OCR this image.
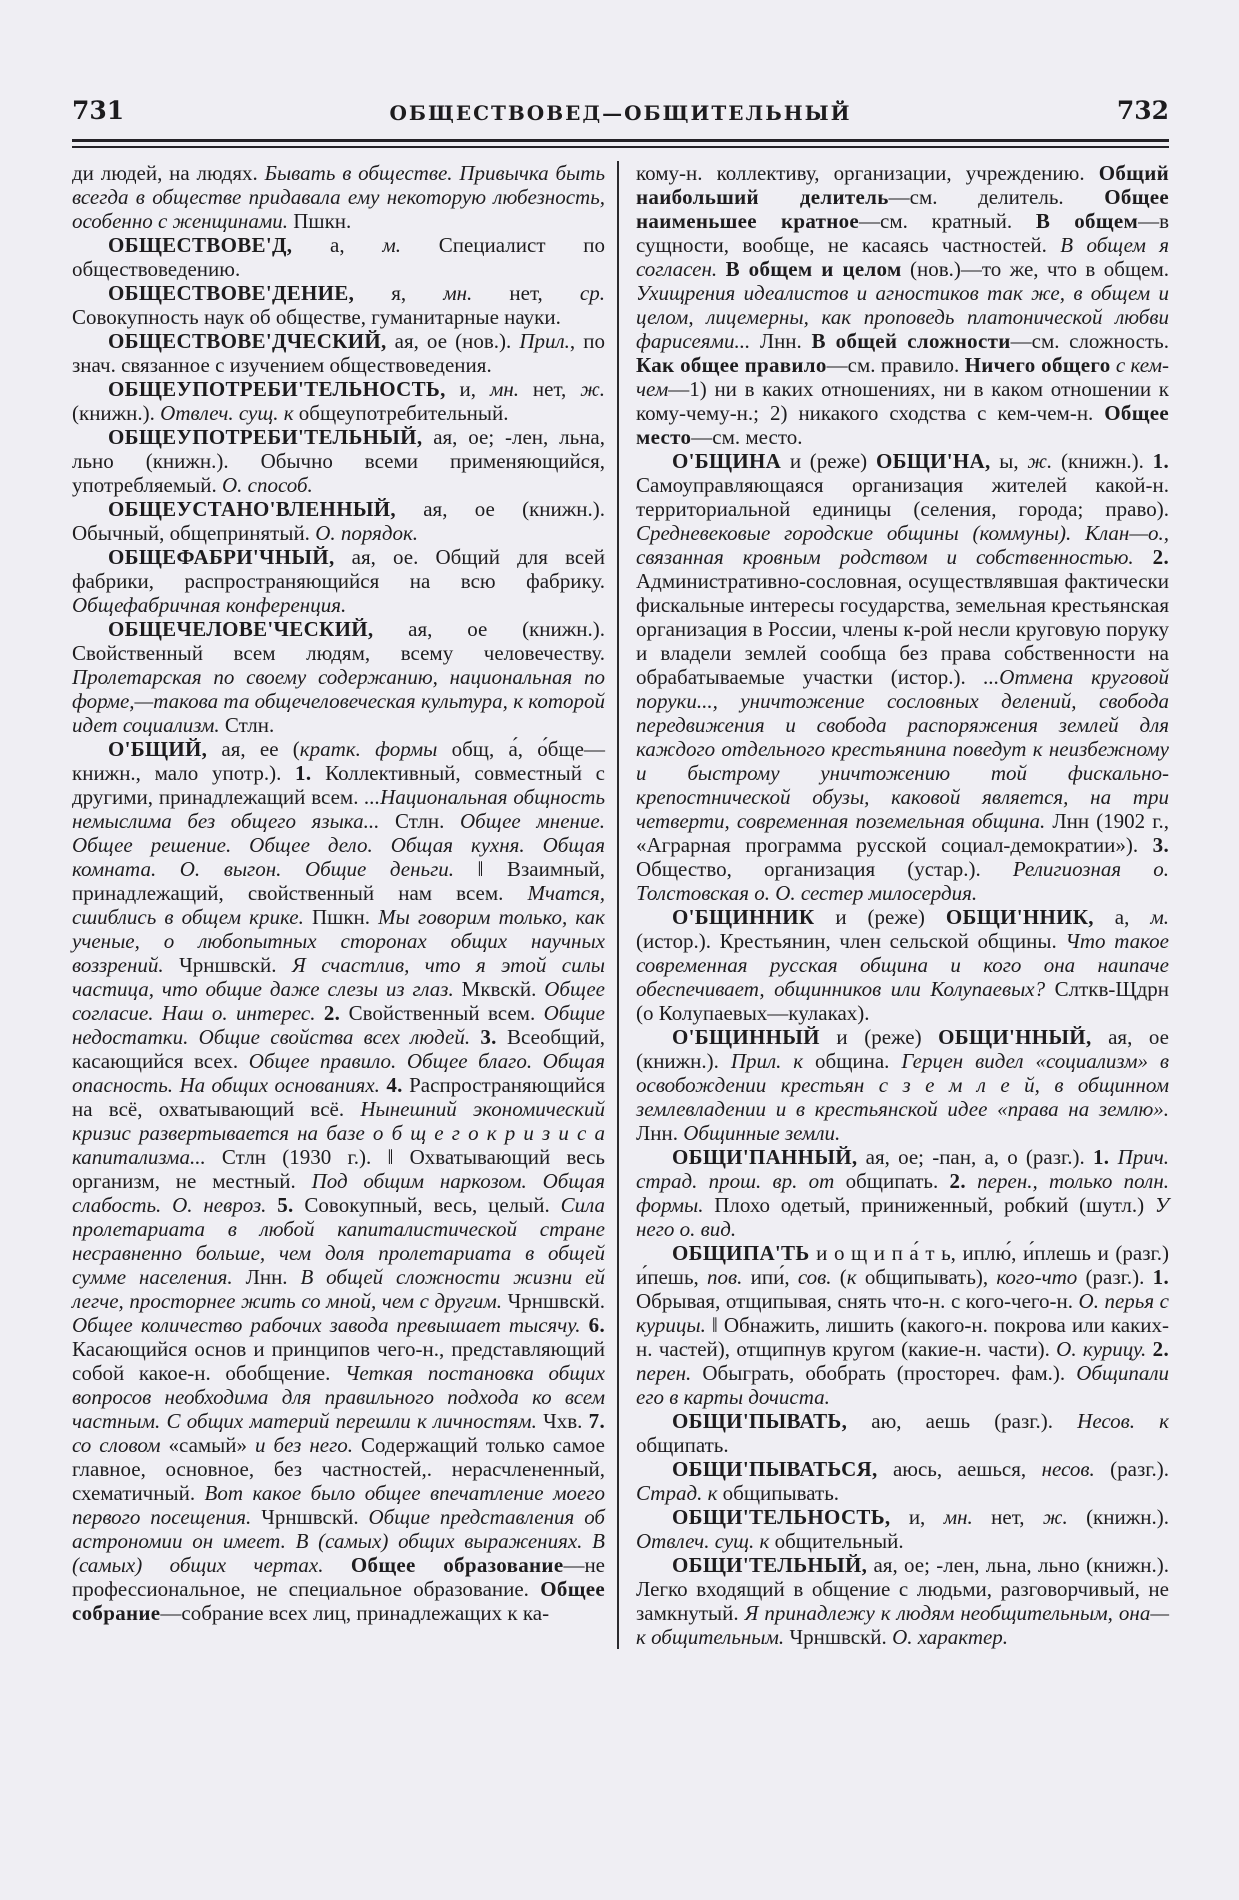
731	ОБЩЕСТВОВЕД—ОБЩИТЕЛЬНЫЙ	732

ди людей, на людях. Бывать в обществе. Привычка быть всегда в обществе придавала ему некоторую любезность, особенно с женщинами. Пшкн.

ОБЩЕСТВОВЕ'Д, а, м. Специалист по обществоведению.

ОБЩЕСТВОВЕ'ДЕНИЕ, я, мн. нет, ср. Совокупность наук об обществе, гуманитарные науки.

ОБЩЕСТВОВЕ'ДЧЕСКИЙ, ая, ое (нов.). Прил., по знач. связанное с изучением обществоведения.

ОБЩЕУПОТРЕБИ'ТЕЛЬНОСТЬ, и, мн. нет, ж. (книжн.). Отвлеч. сущ. к общеупотребительный.

ОБЩЕУПОТРЕБИ'ТЕЛЬНЫЙ, ая, ое; -лен, льна, льно (книжн.). Обычно всеми применяющийся, употребляемый. О. способ.

ОБЩЕУСТАНО'ВЛЕННЫЙ, ая, ое (книжн.). Обычный, общепринятый. О. порядок.

ОБЩЕФАБРИ'ЧНЫЙ, ая, ое. Общий для всей фабрики, распространяющийся на всю фабрику. Общефабричная конференция.

ОБЩЕЧЕЛОВЕ'ЧЕСКИЙ, ая, ое (книжн.). Свойственный всем людям, всему человечеству. Пролетарская по своему содержанию, национальная по форме,—такова та общечеловеческая культура, к которой идет социализм. Стлн.

О'БЩИЙ, ая, ее (кратк. формы общ, а́, о́бще—книжн., мало употр.). 1. Коллективный, совместный с другими, принадлежащий всем. ...Национальная общность немыслима без общего языка... Стлн. Общее мнение. Общее решение. Общее дело. Общая кухня. Общая комната. О. выгон. Общие деньги. ‖ Взаимный, принадлежащий, свойственный нам всем. Мчатся, сшиблись в общем крике. Пшкн. Мы говорим только, как ученые, о любопытных сторонах общих научных воззрений. Чрншвскй. Я счастлив, что я этой силы частица, что общие даже слезы из глаз. Мквскй. Общее согласие. Наш о. интерес. 2. Свойственный всем. Общие недостатки. Общие свойства всех людей. 3. Всеобщий, касающийся всех. Общее правило. Общее благо. Общая опасность. На общих основаниях. 4. Распространяющийся на всё, охватывающий всё. Нынешний экономический кризис развертывается на базе о б щ е г о к р и з и с а капитализма... Стлн (1930 г.). ‖ Охватывающий весь организм, не местный. Под общим наркозом. Общая слабость. О. невроз. 5. Совокупный, весь, целый. Сила пролетариата в любой капиталистической стране несравненно больше, чем доля пролетариата в общей сумме населения. Лнн. В общей сложности жизни ей легче, просторнее жить со мной, чем с другим. Чрншвскй. Общее количество рабочих завода превышает тысячу. 6. Касающийся основ и принципов чего-н., представляющий собой какое-н. обобщение. Четкая постановка общих вопросов необходима для правильного подхода ко всем частным. С общих материй перешли к личностям. Чхв. 7. со словом «самый» и без него. Содержащий только самое главное, основное, без частностей,. нерасчлененный, схематичный. Вот какое было общее впечатление моего первого посещения. Чрншвскй. Общие представления об астрономии он имеет. В (самых) общих выражениях. В (самых) общих чертах. Общее образование—не профессиональное, не специальное образование. Общее собрание—собрание всех лиц, принадлежащих к ка-

кому-н. коллективу, организации, учреждению. Общий наибольший делитель—см. делитель. Общее наименьшее кратное—см. кратный. В общем—в сущности, вообще, не касаясь частностей. В общем я согласен. В общем и целом (нов.)—то же, что в общем. Ухищрения идеалистов и агностиков так же, в общем и целом, лицемерны, как проповедь платонической любви фарисеями... Лнн. В общей сложности—см. сложность. Как общее правило—см. правило. Ничего общего с кем-чем—1) ни в каких отношениях, ни в каком отношении к кому-чему-н.; 2) никакого сходства с кем-чем-н. Общее место—см. место.

О'БЩИНА и (реже) ОБЩИ'НА, ы, ж. (книжн.). 1. Самоуправляющаяся организация жителей какой-н. территориальной единицы (селения, города; право). Средневековые городские общины (коммуны). Клан—о., связанная кровным родством и собственностью. 2. Административно-сословная, осуществлявшая фактически фискальные интересы государства, земельная крестьянская организация в России, члены к-рой несли круговую поруку и владели землей сообща без права собственности на обрабатываемые участки (истор.). ...Отмена круговой поруки..., уничтожение сословных делений, свобода передвижения и свобода распоряжения землей для каждого отдельного крестьянина поведут к неизбежному и быстрому уничтожению той фискально-крепостнической обузы, каковой является, на три четверти, современная поземельная община. Лнн (1902 г., «Аграрная программа русской социал-демократии»). 3. Общество, организация (устар.). Религиозная о. Толстовская о. О. сестер милосердия.

О'БЩИННИК и (реже) ОБЩИ'ННИК, а, м. (истор.). Крестьянин, член сельской общины. Что такое современная русская община и кого она наипаче обеспечивает, общинников или Колупаевых? Слткв-Щдрн (о Колупаевых—кулаках).

О'БЩИННЫЙ и (реже) ОБЩИ'ННЫЙ, ая, ое (книжн.). Прил. к община. Герцен видел «социализм» в освобождении крестьян с з е м л е й, в общинном землевладении и в крестьянской идее «права на землю». Лнн. Общинные земли.

ОБЩИ'ПАННЫЙ, ая, ое; -пан, а, о (разг.). 1. Прич. страд. прош. вр. от общипать. 2. перен., только полн. формы. Плохо одетый, приниженный, робкий (шутл.) У него о. вид.

ОБЩИПА'ТЬ и о щ и п а́ т ь, иплю́, и́плешь и (разг.) и́пешь, пов. ипи́, сов. (к общипывать), кого-что (разг.). 1. Обрывая, отщипывая, снять что-н. с кого-чего-н. О. перья с курицы. ‖ Обнажить, лишить (какого-н. покрова или каких-н. частей), отщипнув кругом (какие-н. части). О. курицу. 2. перен. Обыграть, обобрать (простореч. фам.). Общипали его в карты дочиста.

ОБЩИ'ПЫВАТЬ, аю, аешь (разг.). Несов. к общипать.

ОБЩИ'ПЫВАТЬСЯ, аюсь, аешься, несов. (разг.). Страд. к общипывать.

ОБЩИ'ТЕЛЬНОСТЬ, и, мн. нет, ж. (книжн.). Отвлеч. сущ. к общительный.

ОБЩИ'ТЕЛЬНЫЙ, ая, ое; -лен, льна, льно (книжн.). Легко входящий в общение с людьми, разговорчивый, не замкнутый. Я принадлежу к людям необщительным, она—к общительным. Чрншвскй. О. характер.
